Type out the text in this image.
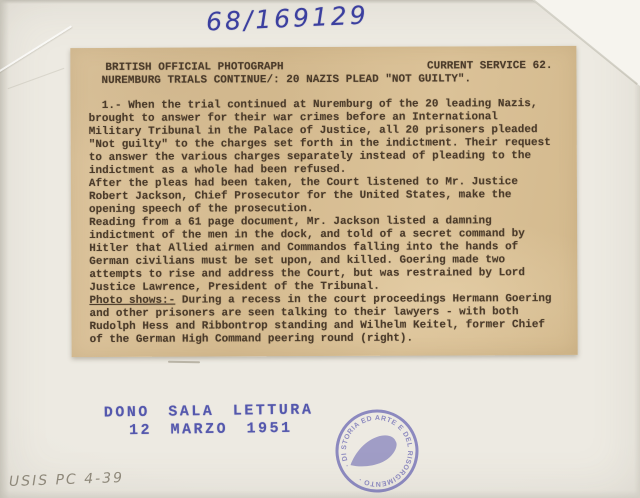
68/169129
BRITISH OFFICIAL PHOTOGRAPH	CURRENT SERVICE 62.
NUREMBURG TRIALS CONTINUE/: 20 NAZIS PLEAD "NOT GUILTY".
1.- When the trial continued at Nuremburg of the 20 leading Nazis,
brought to answer for their war crimes before an International
Military Tribunal in the Palace of Justice, all 20 prisoners pleaded
"Not guilty" to the charges set forth in the indictment. Their request
to answer the various charges separately instead of pleading to the
indictment as a whole had been refused.
After the pleas had been taken, the Court listened to Mr. Justice
Robert Jackson, Chief Prosecutor for the United States, make the
opening speech of the prosecution.
Reading from a 61 page document, Mr. Jackson listed a damning
indictment of the men in the dock, and told of a secret command by
Hitler that Allied airmen and Commandos falling into the hands of
German civilians must be set upon, and killed. Goering made two
attempts to rise and address the Court, but was restrained by Lord
Justice Lawrence, President of the Tribunal.
Photo shows:- During a recess in the court proceedings Hermann Goering
and other prisoners are seen talking to their lawyers - with both
Rudolph Hess and Ribbontrop standing and Wilhelm Keitel, former Chief
of the German High Command peering round (right).
DONO SALA LETTURA
12 MARZO 1951
· DI STORIA ED ARTE E DEL RISORGIMENTO ·
USIS PC 4-39
